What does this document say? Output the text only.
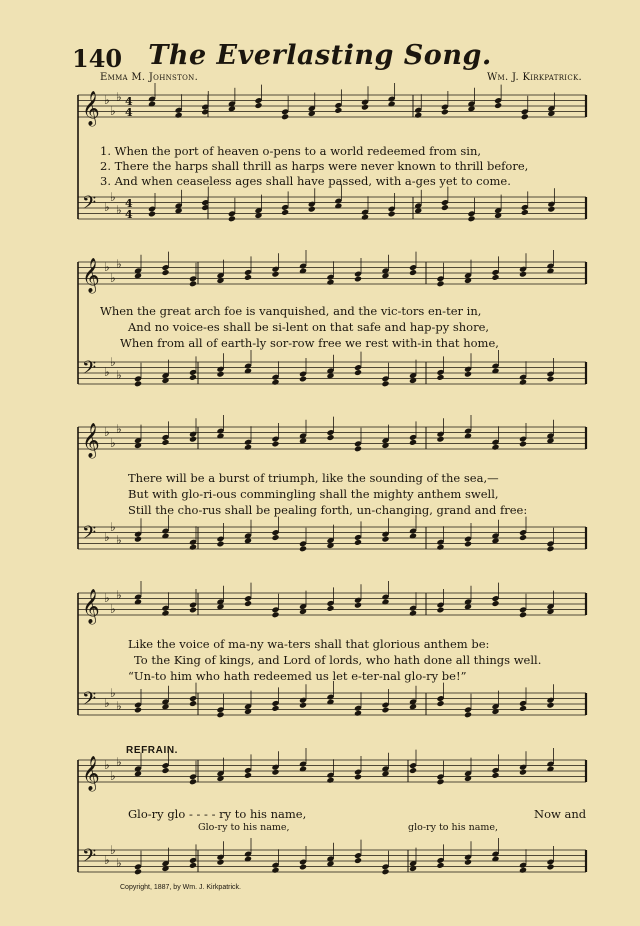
140 The Everlasting Song.
Emma M. Johnston.	Wm. J. Kirkpatrick.
𝄞 ♭
♭
♭ 4
4
𝄢 ♭
♭
♭ 4
4
𝄞 ♭
♭
♭
𝄢 ♭
♭
♭
𝄞 ♭
♭
♭
𝄢 ♭
♭
♭
𝄞 ♭
♭
♭
𝄢 ♭
♭
♭
𝄞 ♭
♭
♭
𝄢 ♭
♭
♭
1. When the port of heaven o-pens to a world redeemed from sin,
2. There the harps shall thrill as harps were never known to thrill before,
3. And when ceaseless ages shall have passed, with a-ges yet to come.
When the great arch foe is vanquished, and the vic-tors en-ter in,
And no voice-es shall be si-lent on that safe and hap-py shore,
When from all of earth-ly sor-row free we rest with-in that home,
There will be a burst of triumph, like the sounding of the sea,—
But with glo-ri-ous commingling shall the mighty anthem swell,
Still the cho-rus shall be pealing forth, un-changing, grand and free:
Like the voice of ma-ny wa-ters shall that glorious anthem be:
To the King of kings, and Lord of lords, who hath done all things well.
“Un-to him who hath redeemed us let e-ter-nal glo-ry be!”
REFRAIN.
Glo-ry glo - - - - ry to his name,	Now and
Glo-ry to his name,	glo-ry to his name,
Copyright, 1887, by Wm. J. Kirkpatrick.
